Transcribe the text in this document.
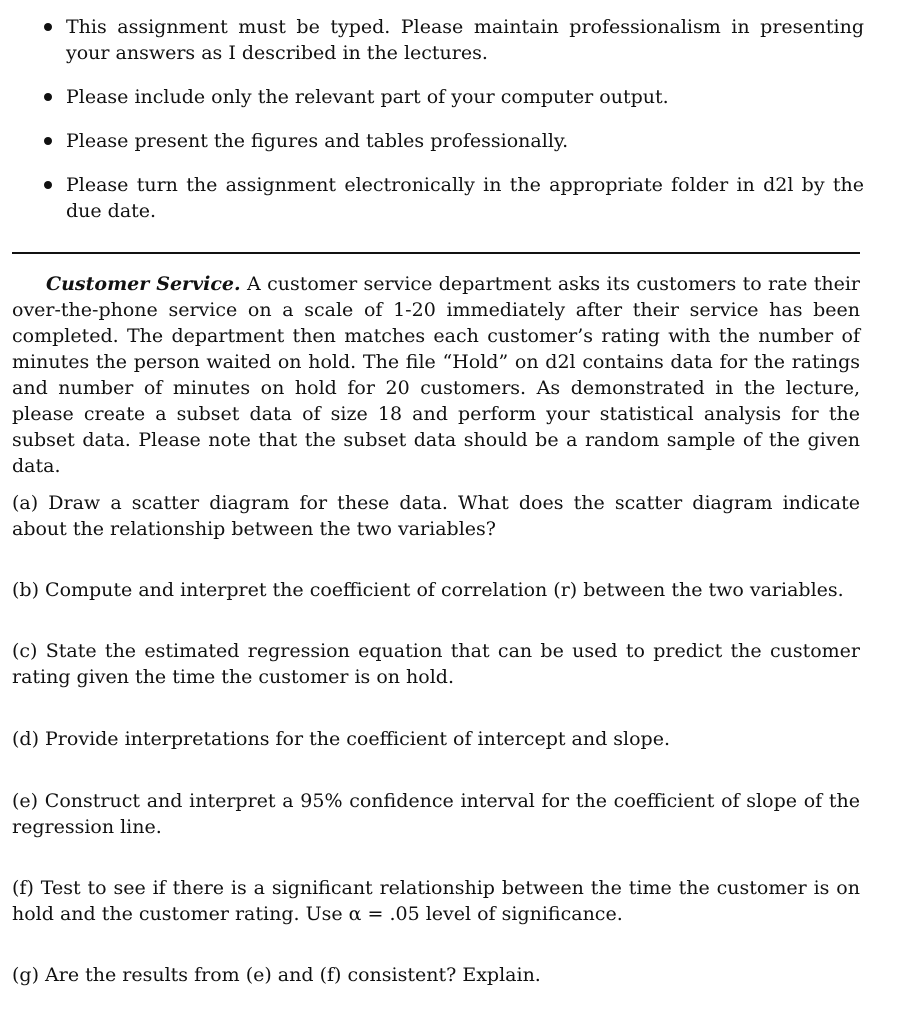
This assignment must be typed. Please maintain professionalism in presenting your answers as I described in the lectures.
Please include only the relevant part of your computer output.
Please present the figures and tables professionally.
Please turn the assignment electronically in the appropriate folder in d2l by the due date.

Customer Service. A customer service department asks its customers to rate their over-the-phone service on a scale of 1-20 immediately after their service has been completed. The department then matches each customer’s rating with the number of minutes the person waited on hold. The file “Hold” on d2l contains data for the ratings and number of minutes on hold for 20 customers. As demonstrated in the lecture, please create a subset data of size 18 and perform your statistical analysis for the subset data. Please note that the subset data should be a random sample of the given data.

(a) Draw a scatter diagram for these data. What does the scatter diagram indicate about the relationship between the two variables?

(b) Compute and interpret the coefficient of correlation (r) between the two variables.

(c) State the estimated regression equation that can be used to predict the customer rating given the time the customer is on hold.

(d) Provide interpretations for the coefficient of intercept and slope.

(e) Construct and interpret a 95% confidence interval for the coefficient of slope of the regression line.

(f) Test to see if there is a significant relationship between the time the customer is on hold and the customer rating. Use α = .05 level of significance.

(g) Are the results from (e) and (f) consistent? Explain.
